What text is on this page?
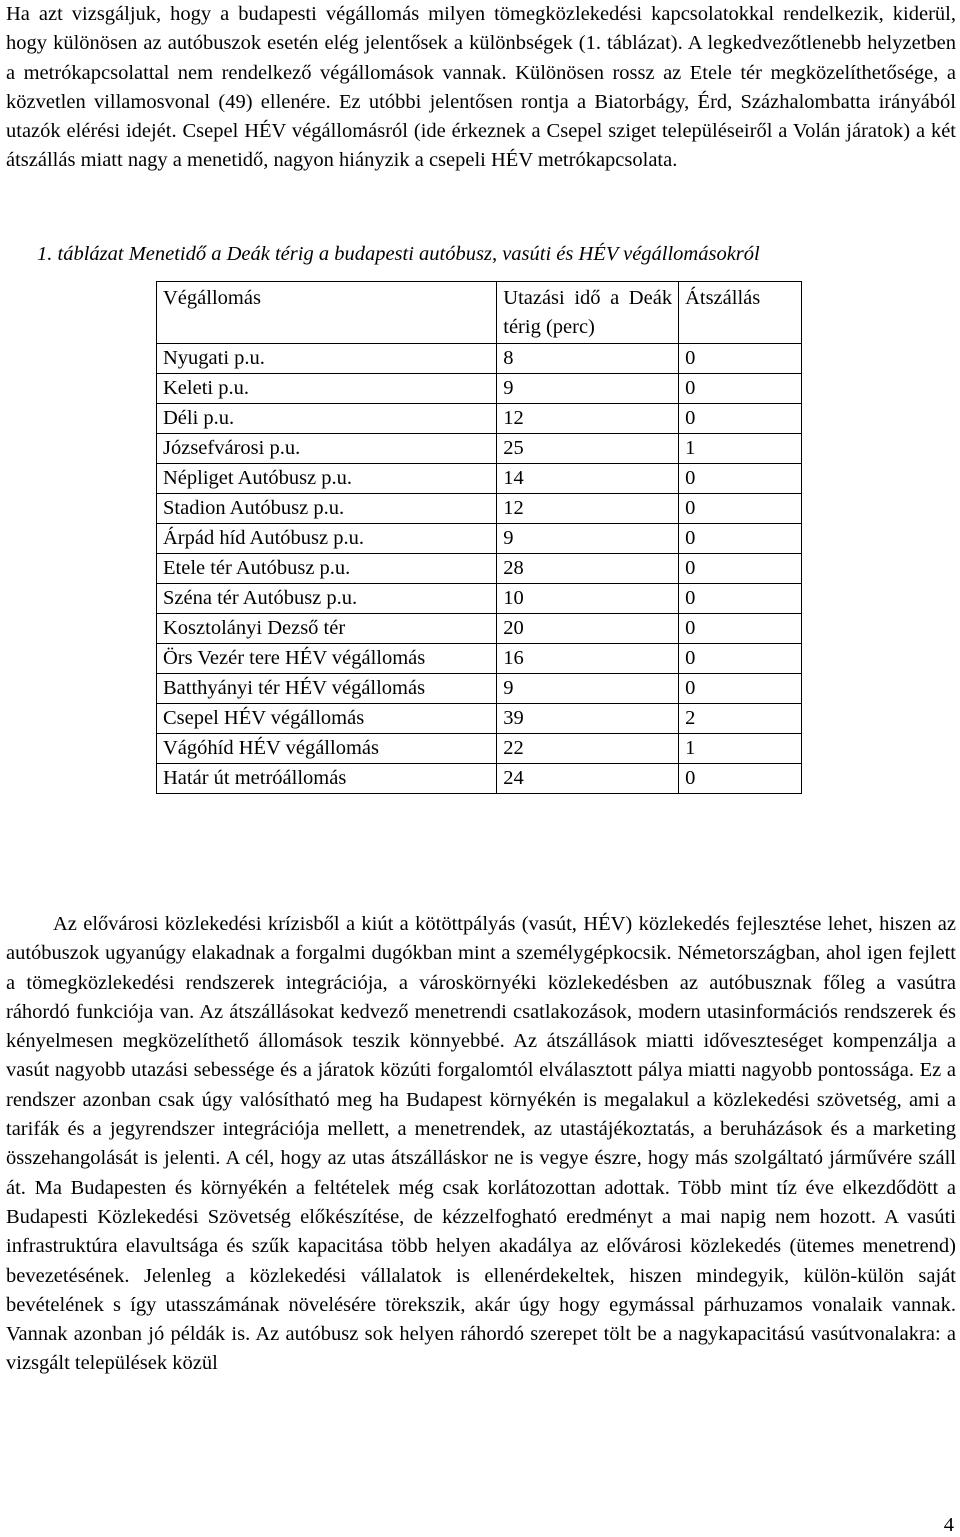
Ha azt vizsgáljuk, hogy a budapesti végállomás milyen tömegközlekedési kapcsolatokkal rendelkezik, kiderül, hogy különösen az autóbuszok esetén elég jelentősek a különbségek (1. táblázat). A legkedvezőtlenebb helyzetben a metrókapcsolattal nem rendelkező végállomások vannak. Különösen rossz az Etele tér megközelíthetősége, a közvetlen villamosvonal (49) ellenére. Ez utóbbi jelentősen rontja a Biatorbágy, Érd, Százhalombatta irányából utazók elérési idejét. Csepel HÉV végállomásról (ide érkeznek a Csepel sziget településeiről a Volán járatok) a két átszállás miatt nagy a menetidő, nagyon hiányzik a csepeli HÉV metrókapcsolata.

1. táblázat Menetidő a Deák térig a budapesti autóbusz, vasúti és HÉV végállomásokról

Végállomás	Utazási idő a Deák térig (perc)	Átszállás
Nyugati p.u.	8	0
Keleti p.u.	9	0
Déli p.u.	12	0
Józsefvárosi p.u.	25	1
Népliget Autóbusz p.u.	14	0
Stadion Autóbusz p.u.	12	0
Árpád híd Autóbusz p.u.	9	0
Etele tér Autóbusz p.u.	28	0
Széna tér Autóbusz p.u.	10	0
Kosztolányi Dezső tér	20	0
Örs Vezér tere HÉV végállomás	16	0
Batthyányi tér HÉV végállomás	9	0
Csepel HÉV végállomás	39	2
Vágóhíd HÉV végállomás	22	1
Határ út metróállomás	24	0

Az elővárosi közlekedési krízisből a kiút a kötöttpályás (vasút, HÉV) közlekedés fejlesztése lehet, hiszen az autóbuszok ugyanúgy elakadnak a forgalmi dugókban mint a személygépkocsik. Németországban, ahol igen fejlett a tömegközlekedési rendszerek integrációja, a városkörnyéki közlekedésben az autóbusznak főleg a vasútra ráhordó funkciója van. Az átszállásokat kedvező menetrendi csatlakozások, modern utasinformációs rendszerek és kényelmesen megközelíthető állomások teszik könnyebbé. Az átszállások miatti időveszteséget kompenzálja a vasút nagyobb utazási sebessége és a járatok közúti forgalomtól elválasztott pálya miatti nagyobb pontossága. Ez a rendszer azonban csak úgy valósítható meg ha Budapest környékén is megalakul a közlekedési szövetség, ami a tarifák és a jegyrendszer integrációja mellett, a menetrendek, az utastájékoztatás, a beruházások és a marketing összehangolását is jelenti. A cél, hogy az utas átszálláskor ne is vegye észre, hogy más szolgáltató járművére száll át. Ma Budapesten és környékén a feltételek még csak korlátozottan adottak. Több mint tíz éve elkezdődött a Budapesti Közlekedési Szövetség előkészítése, de kézzelfogható eredményt a mai napig nem hozott. A vasúti infrastruktúra elavultsága és szűk kapacitása több helyen akadálya az elővárosi közlekedés (ütemes menetrend) bevezetésének. Jelenleg a közlekedési vállalatok is ellenérdekeltek, hiszen mindegyik, külön-külön saját bevételének s így utasszámának növelésére törekszik, akár úgy hogy egymással párhuzamos vonalaik vannak. Vannak azonban jó példák is. Az autóbusz sok helyen ráhordó szerepet tölt be a nagykapacitású vasútvonalakra: a vizsgált települések közül

4
